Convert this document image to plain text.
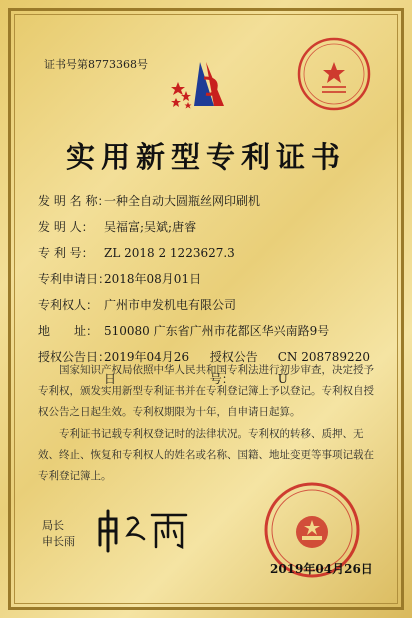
证书号第8773368号
实用新型专利证书
发 明 名 称：
一种全自动大圆瓶丝网印刷机
发 明 人： 吴福富;吴斌;唐睿
专 利 号： ZL 2018 2 1223627.3
专利申请日：
2018年08月01日
专利权人： 广州市申发机电有限公司
地　　址： 510080 广东省广州市花都区华兴南路9号
授权公告日：
2019年04月26日
授权公告号：
CN 208789220 U
国家知识产权局依照中华人民共和国专利法进行初步审查，决定授予专利权，颁发实用新型专利证书并在专利登记簿上予以登记。专利权自授权公告之日起生效。专利权期限为十年，自申请日起算。
专利证书记载专利权登记时的法律状况。专利权的转移、质押、无效、终止、恢复和专利权人的姓名或名称、国籍、地址变更等事项记载在专利登记簿上。
局长
申长雨
2019年04月26日
